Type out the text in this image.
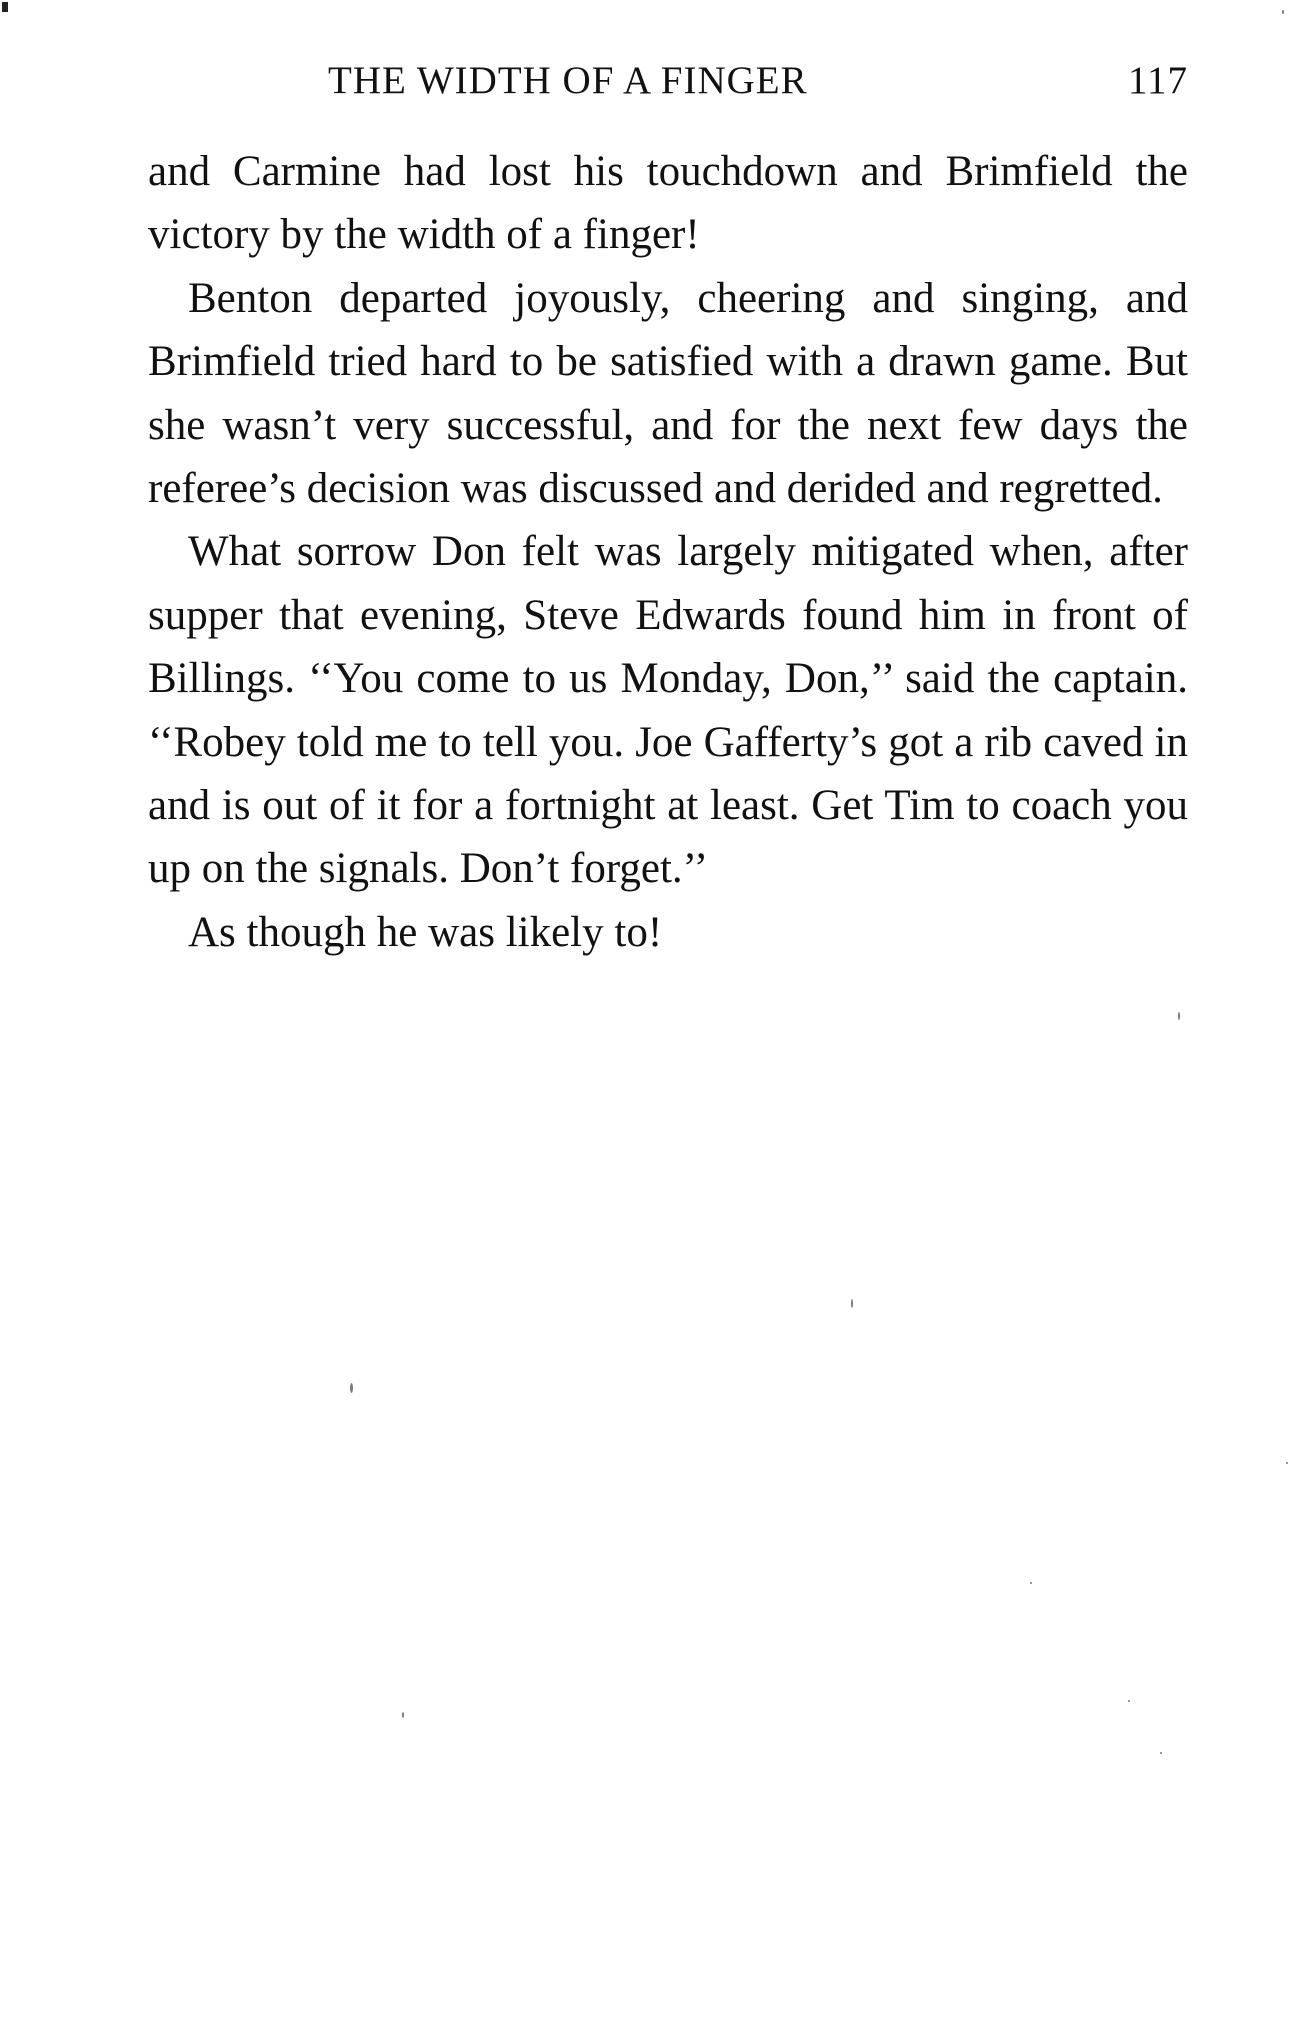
THE WIDTH OF A FINGER	117

and Carmine had lost his touchdown and Brimfield the victory by the width of a finger!

Benton departed joyously, cheering and singing, and Brimfield tried hard to be satisfied with a drawn game. But she wasn’t very successful, and for the next few days the referee’s decision was discussed and derided and regretted.

What sorrow Don felt was largely mitigated when, after supper that evening, Steve Edwards found him in front of Billings. ‘‘You come to us Monday, Don,’’ said the captain. ‘‘Robey told me to tell you. Joe Gafferty’s got a rib caved in and is out of it for a fortnight at least. Get Tim to coach you up on the signals. Don’t forget.’’

As though he was likely to!
